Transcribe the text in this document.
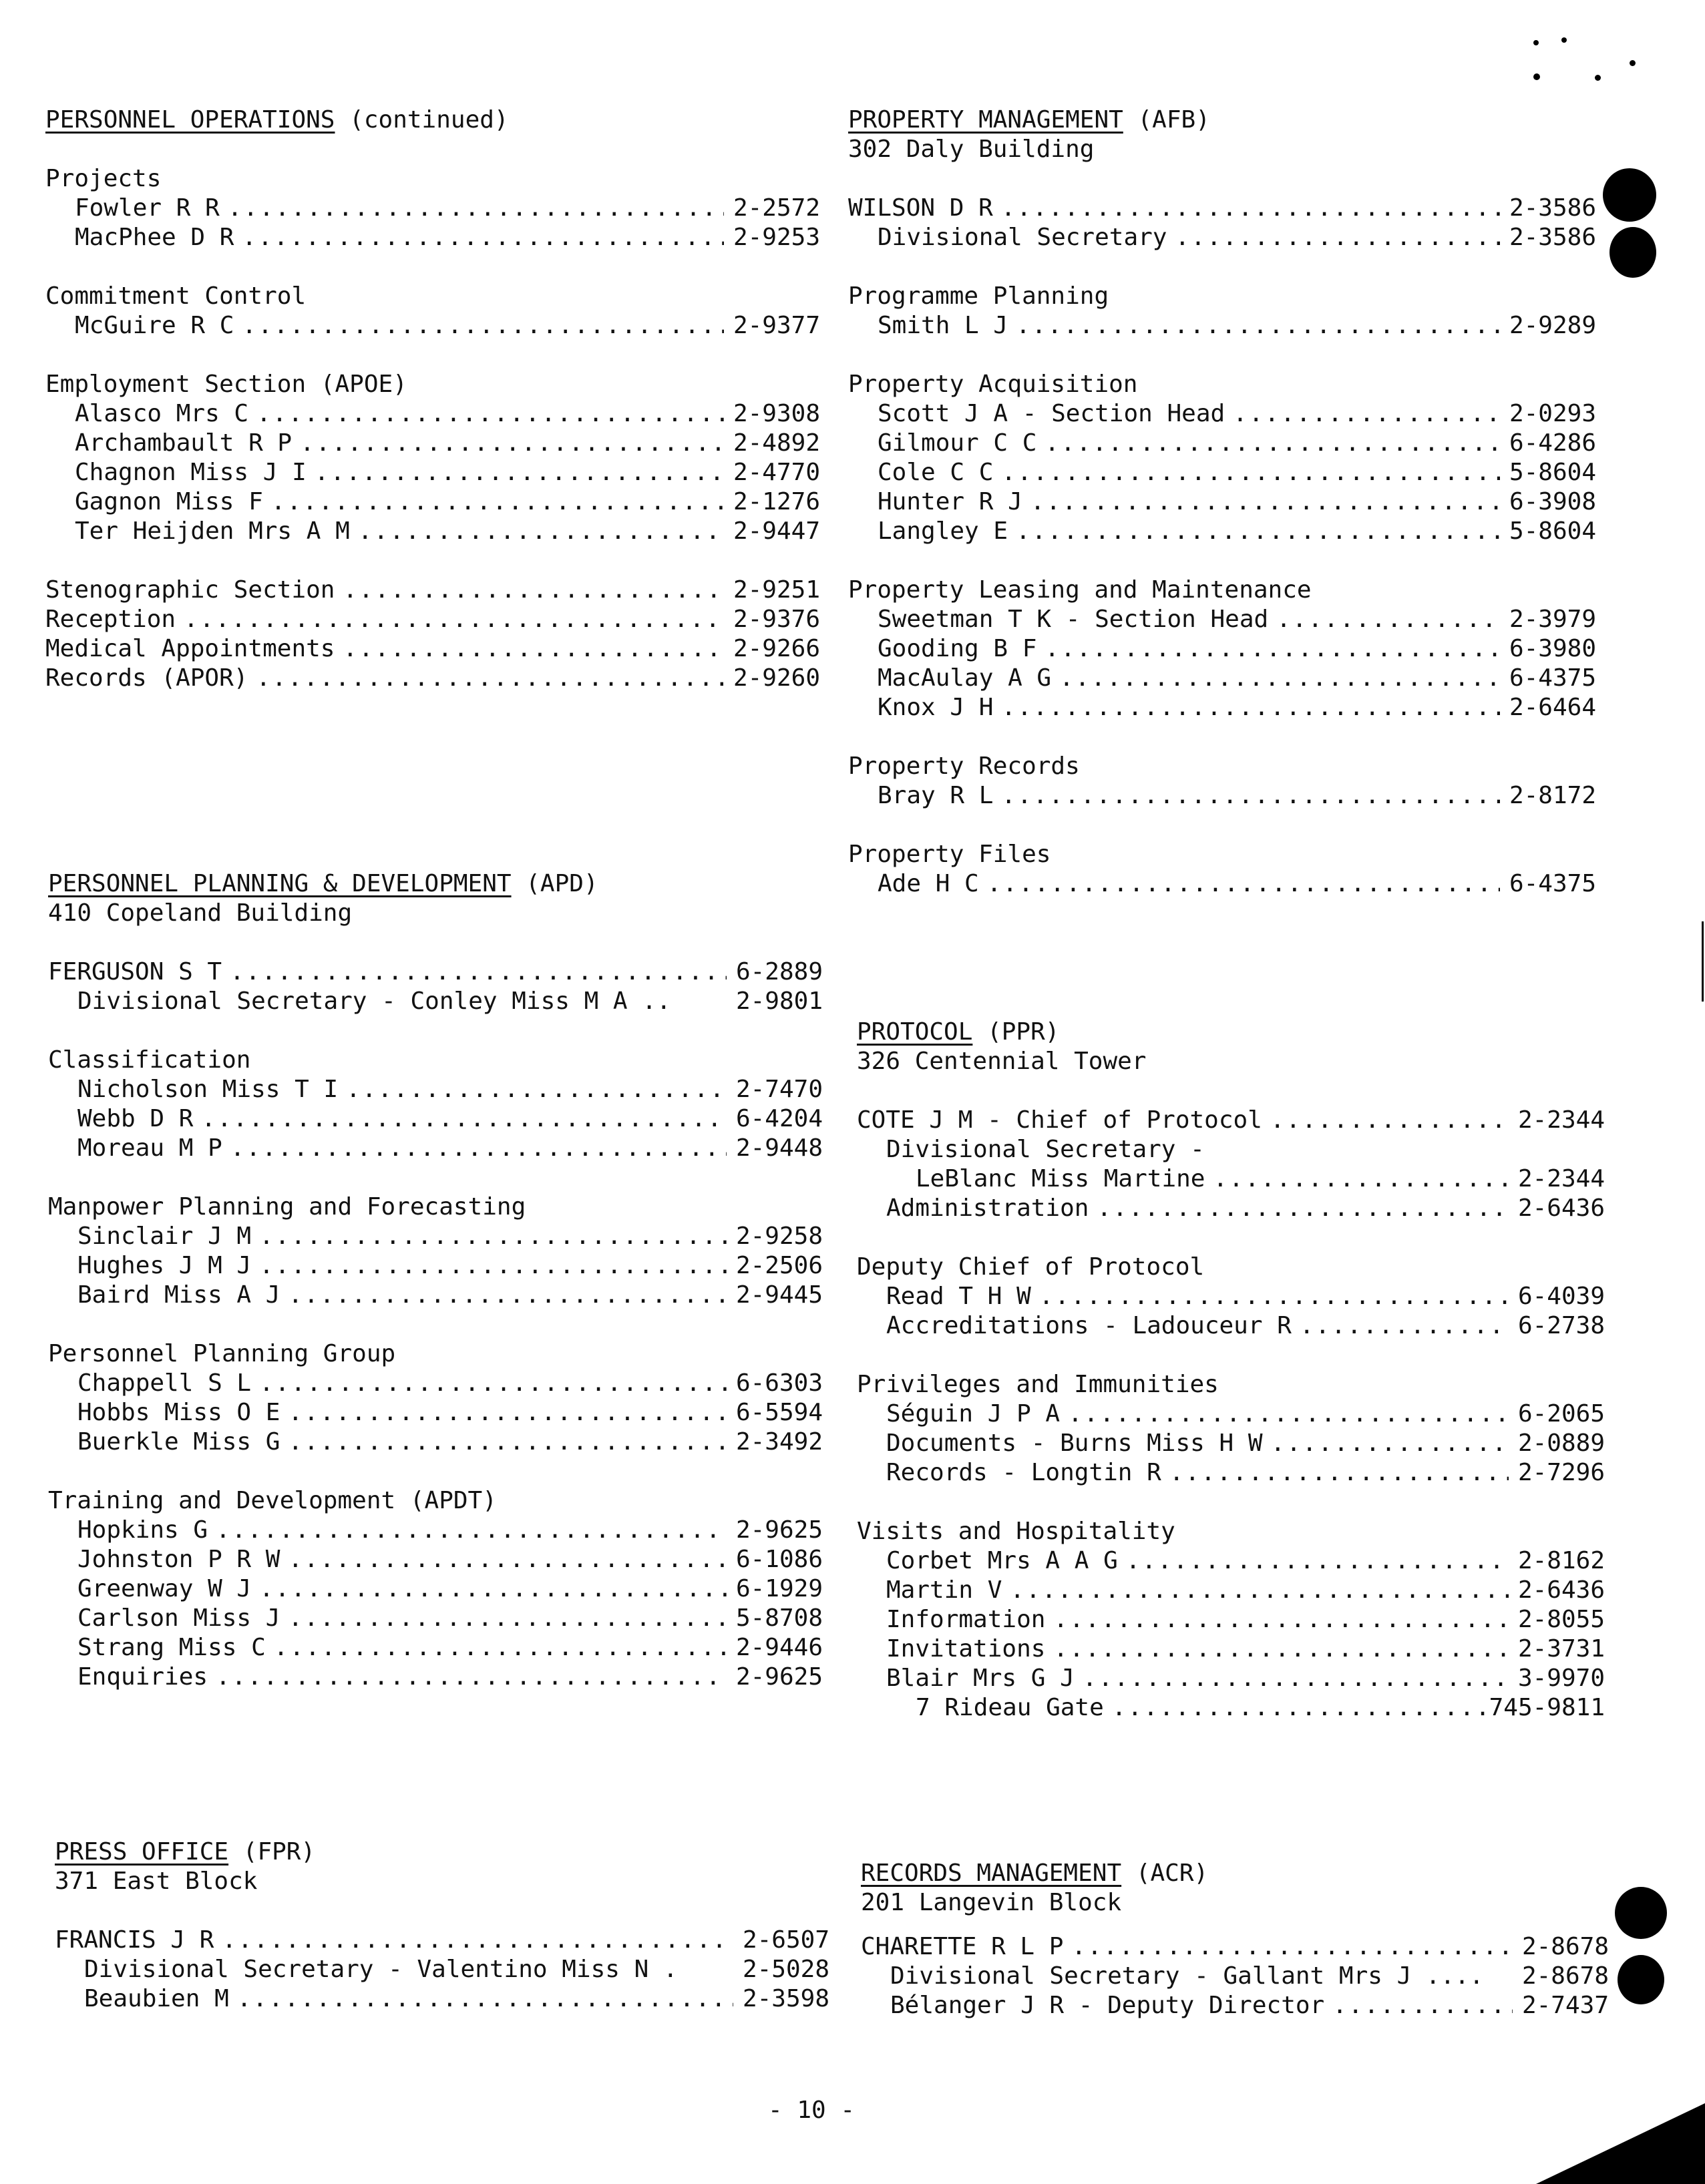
PERSONNEL OPERATIONS (continued)
Projects
Fowler R R .....	2-2572
MacPhee D R .....	2-9253
Commitment Control
McGuire R C .....	2-9377
Employment Section (APOE)
Alasco Mrs C .....	2-9308
Archambault R P .....	2-4892
Chagnon Miss J I .....	2-4770
Gagnon Miss F .....	2-1276
Ter Heijden Mrs A M .....	2-9447
Stenographic Section .....	2-9251
Reception .....	2-9376
Medical Appointments .....	2-9266
Records (APOR) .....	2-9260
PERSONNEL PLANNING & DEVELOPMENT (APD)
410 Copeland Building
FERGUSON S T .....	6-2889
Divisional Secretary - Conley Miss M A ..	2-9801
Classification
Nicholson Miss T I .....	2-7470
Webb D R .....	6-4204
Moreau M P .....	2-9448
Manpower Planning and Forecasting
Sinclair J M .....	2-9258
Hughes J M J .....	2-2506
Baird Miss A J .....	2-9445
Personnel Planning Group
Chappell S L .....	6-6303
Hobbs Miss O E .....	6-5594
Buerkle Miss G .....	2-3492
Training and Development (APDT)
Hopkins G .....	2-9625
Johnston P R W .....	6-1086
Greenway W J .....	6-1929
Carlson Miss J .....	5-8708
Strang Miss C .....	2-9446
Enquiries .....	2-9625
PRESS OFFICE (FPR)
371 East Block
FRANCIS J R .....	2-6507
Divisional Secretary - Valentino Miss N .	2-5028
Beaubien M .....	2-3598
PROPERTY MANAGEMENT (AFB)
302 Daly Building
WILSON D R .....	2-3586
Divisional Secretary .....	2-3586
Programme Planning
Smith L J .....	2-9289
Property Acquisition
Scott J A - Section Head .....	2-0293
Gilmour C C .....	6-4286
Cole C C .....	5-8604
Hunter R J .....	6-3908
Langley E .....	5-8604
Property Leasing and Maintenance
Sweetman T K - Section Head .....	2-3979
Gooding B F .....	6-3980
MacAulay A G .....	6-4375
Knox J H .....	2-6464
Property Records
Bray R L .....	2-8172
Property Files
Ade H C .....	6-4375
PROTOCOL (PPR)
326 Centennial Tower
COTE J M - Chief of Protocol .....	2-2344
Divisional Secretary -
LeBlanc Miss Martine .....	2-2344
Administration .....	2-6436
Deputy Chief of Protocol
Read T H W .....	6-4039
Accreditations - Ladouceur R .....	6-2738
Privileges and Immunities
Séguin J P A .....	6-2065
Documents - Burns Miss H W .....	2-0889
Records - Longtin R .....	2-7296
Visits and Hospitality
Corbet Mrs A A G .....	2-8162
Martin V .....	2-6436
Information .....	2-8055
Invitations .....	2-3731
Blair Mrs G J .....	3-9970
7 Rideau Gate .....	745-9811
RECORDS MANAGEMENT (ACR)
201 Langevin Block
CHARETTE R L P .....	2-8678
Divisional Secretary - Gallant Mrs J .... 2-8678
Bélanger J R - Deputy Director .....	2-7437
- 10 -
